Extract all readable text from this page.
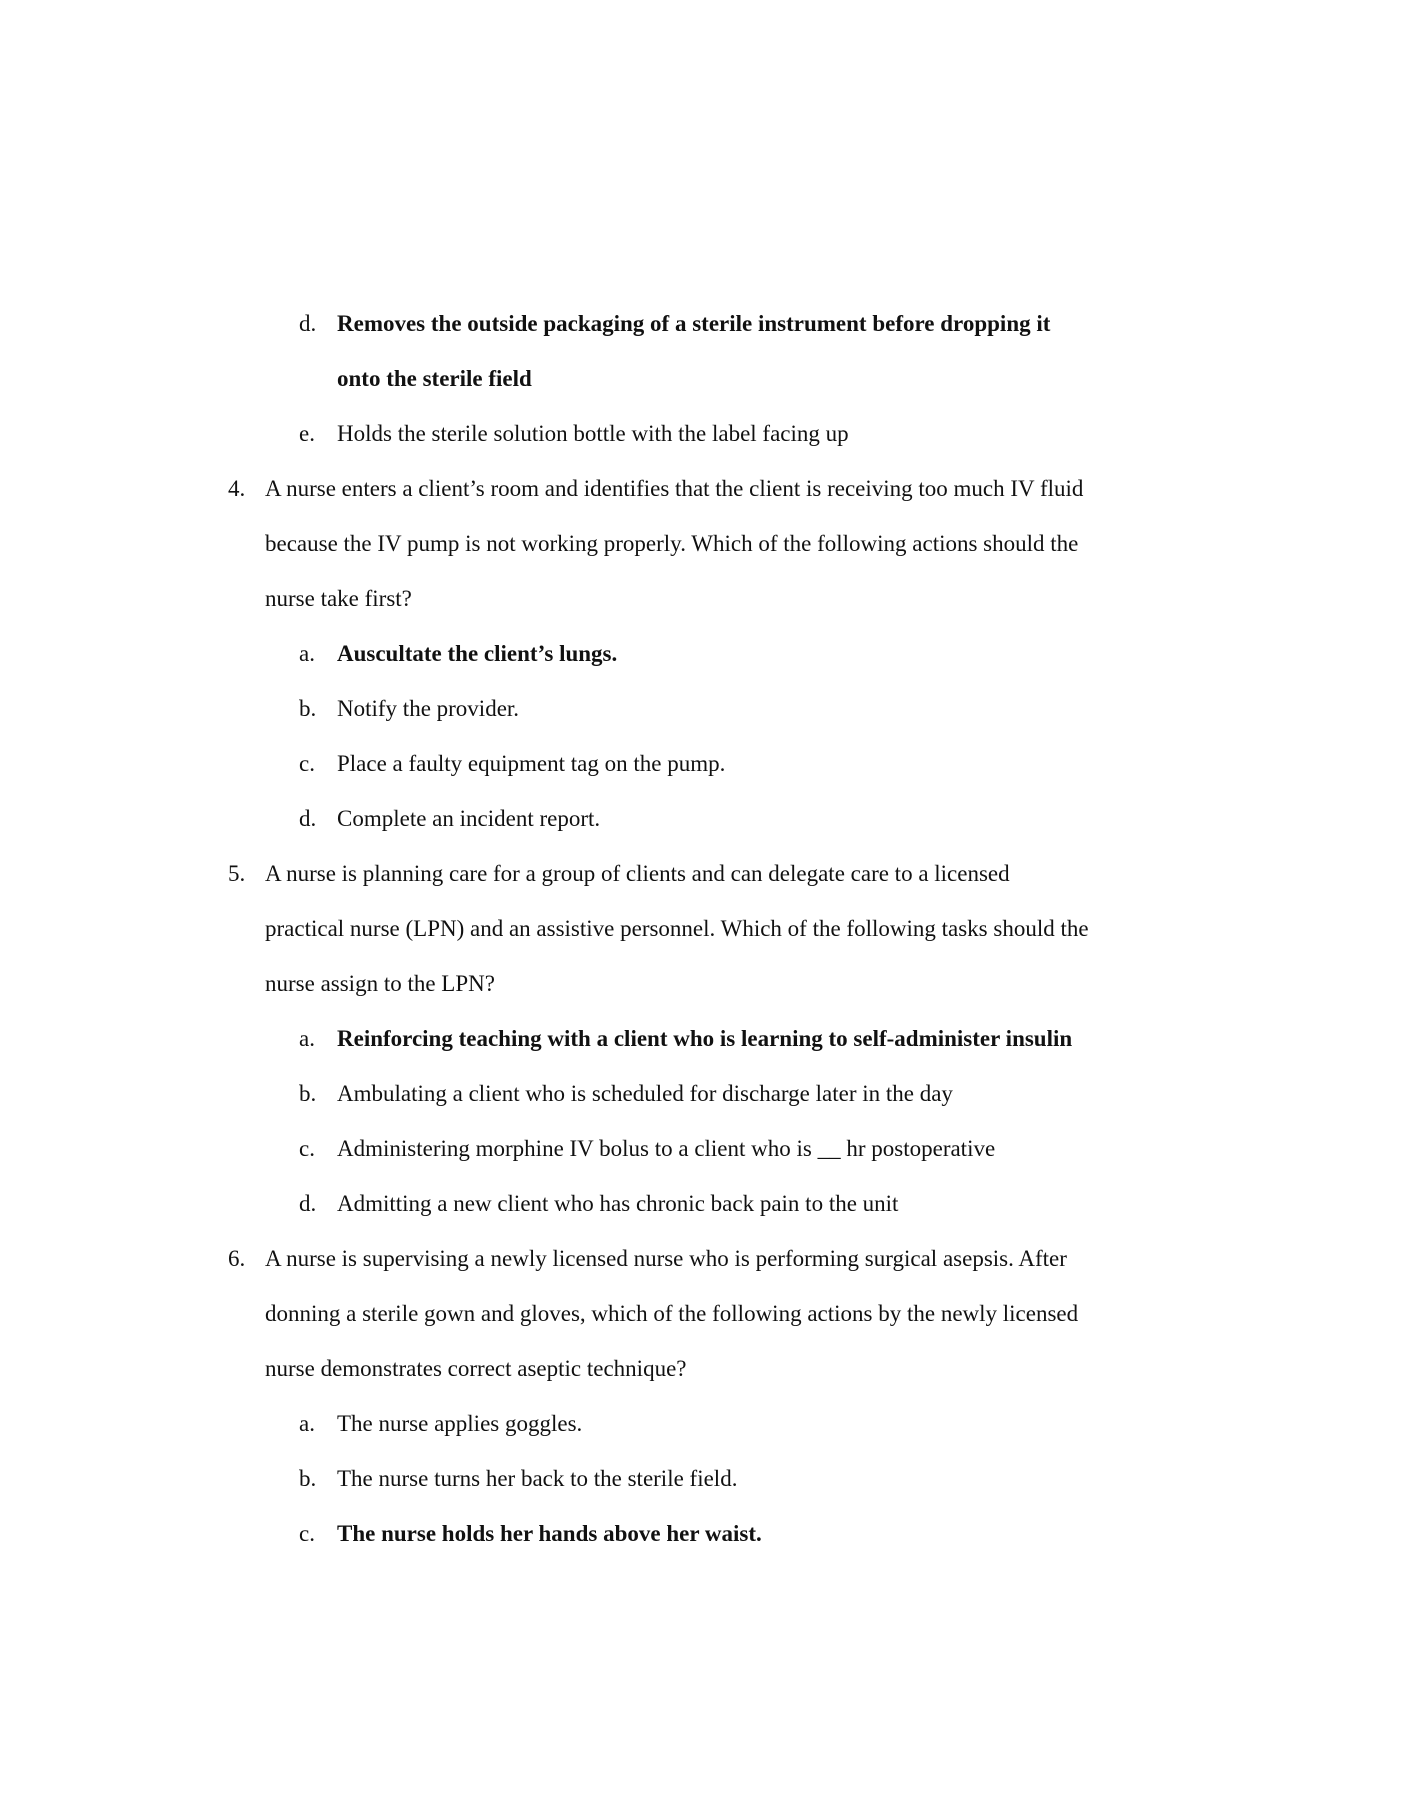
d. Removes the outside packaging of a sterile instrument before dropping it
onto the sterile field
e. Holds the sterile solution bottle with the label facing up
4. A nurse enters a client’s room and identifies that the client is receiving too much IV fluid
because the IV pump is not working properly. Which of the following actions should the
nurse take first?
a. Auscultate the client’s lungs.
b. Notify the provider.
c. Place a faulty equipment tag on the pump.
d. Complete an incident report.
5. A nurse is planning care for a group of clients and can delegate care to a licensed
practical nurse (LPN) and an assistive personnel. Which of the following tasks should the
nurse assign to the LPN?
a. Reinforcing teaching with a client who is learning to self-administer insulin
b. Ambulating a client who is scheduled for discharge later in the day
c. Administering morphine IV bolus to a client who is __ hr postoperative
d. Admitting a new client who has chronic back pain to the unit
6. A nurse is supervising a newly licensed nurse who is performing surgical asepsis. After
donning a sterile gown and gloves, which of the following actions by the newly licensed
nurse demonstrates correct aseptic technique?
a. The nurse applies goggles.
b. The nurse turns her back to the sterile field.
c. The nurse holds her hands above her waist.
